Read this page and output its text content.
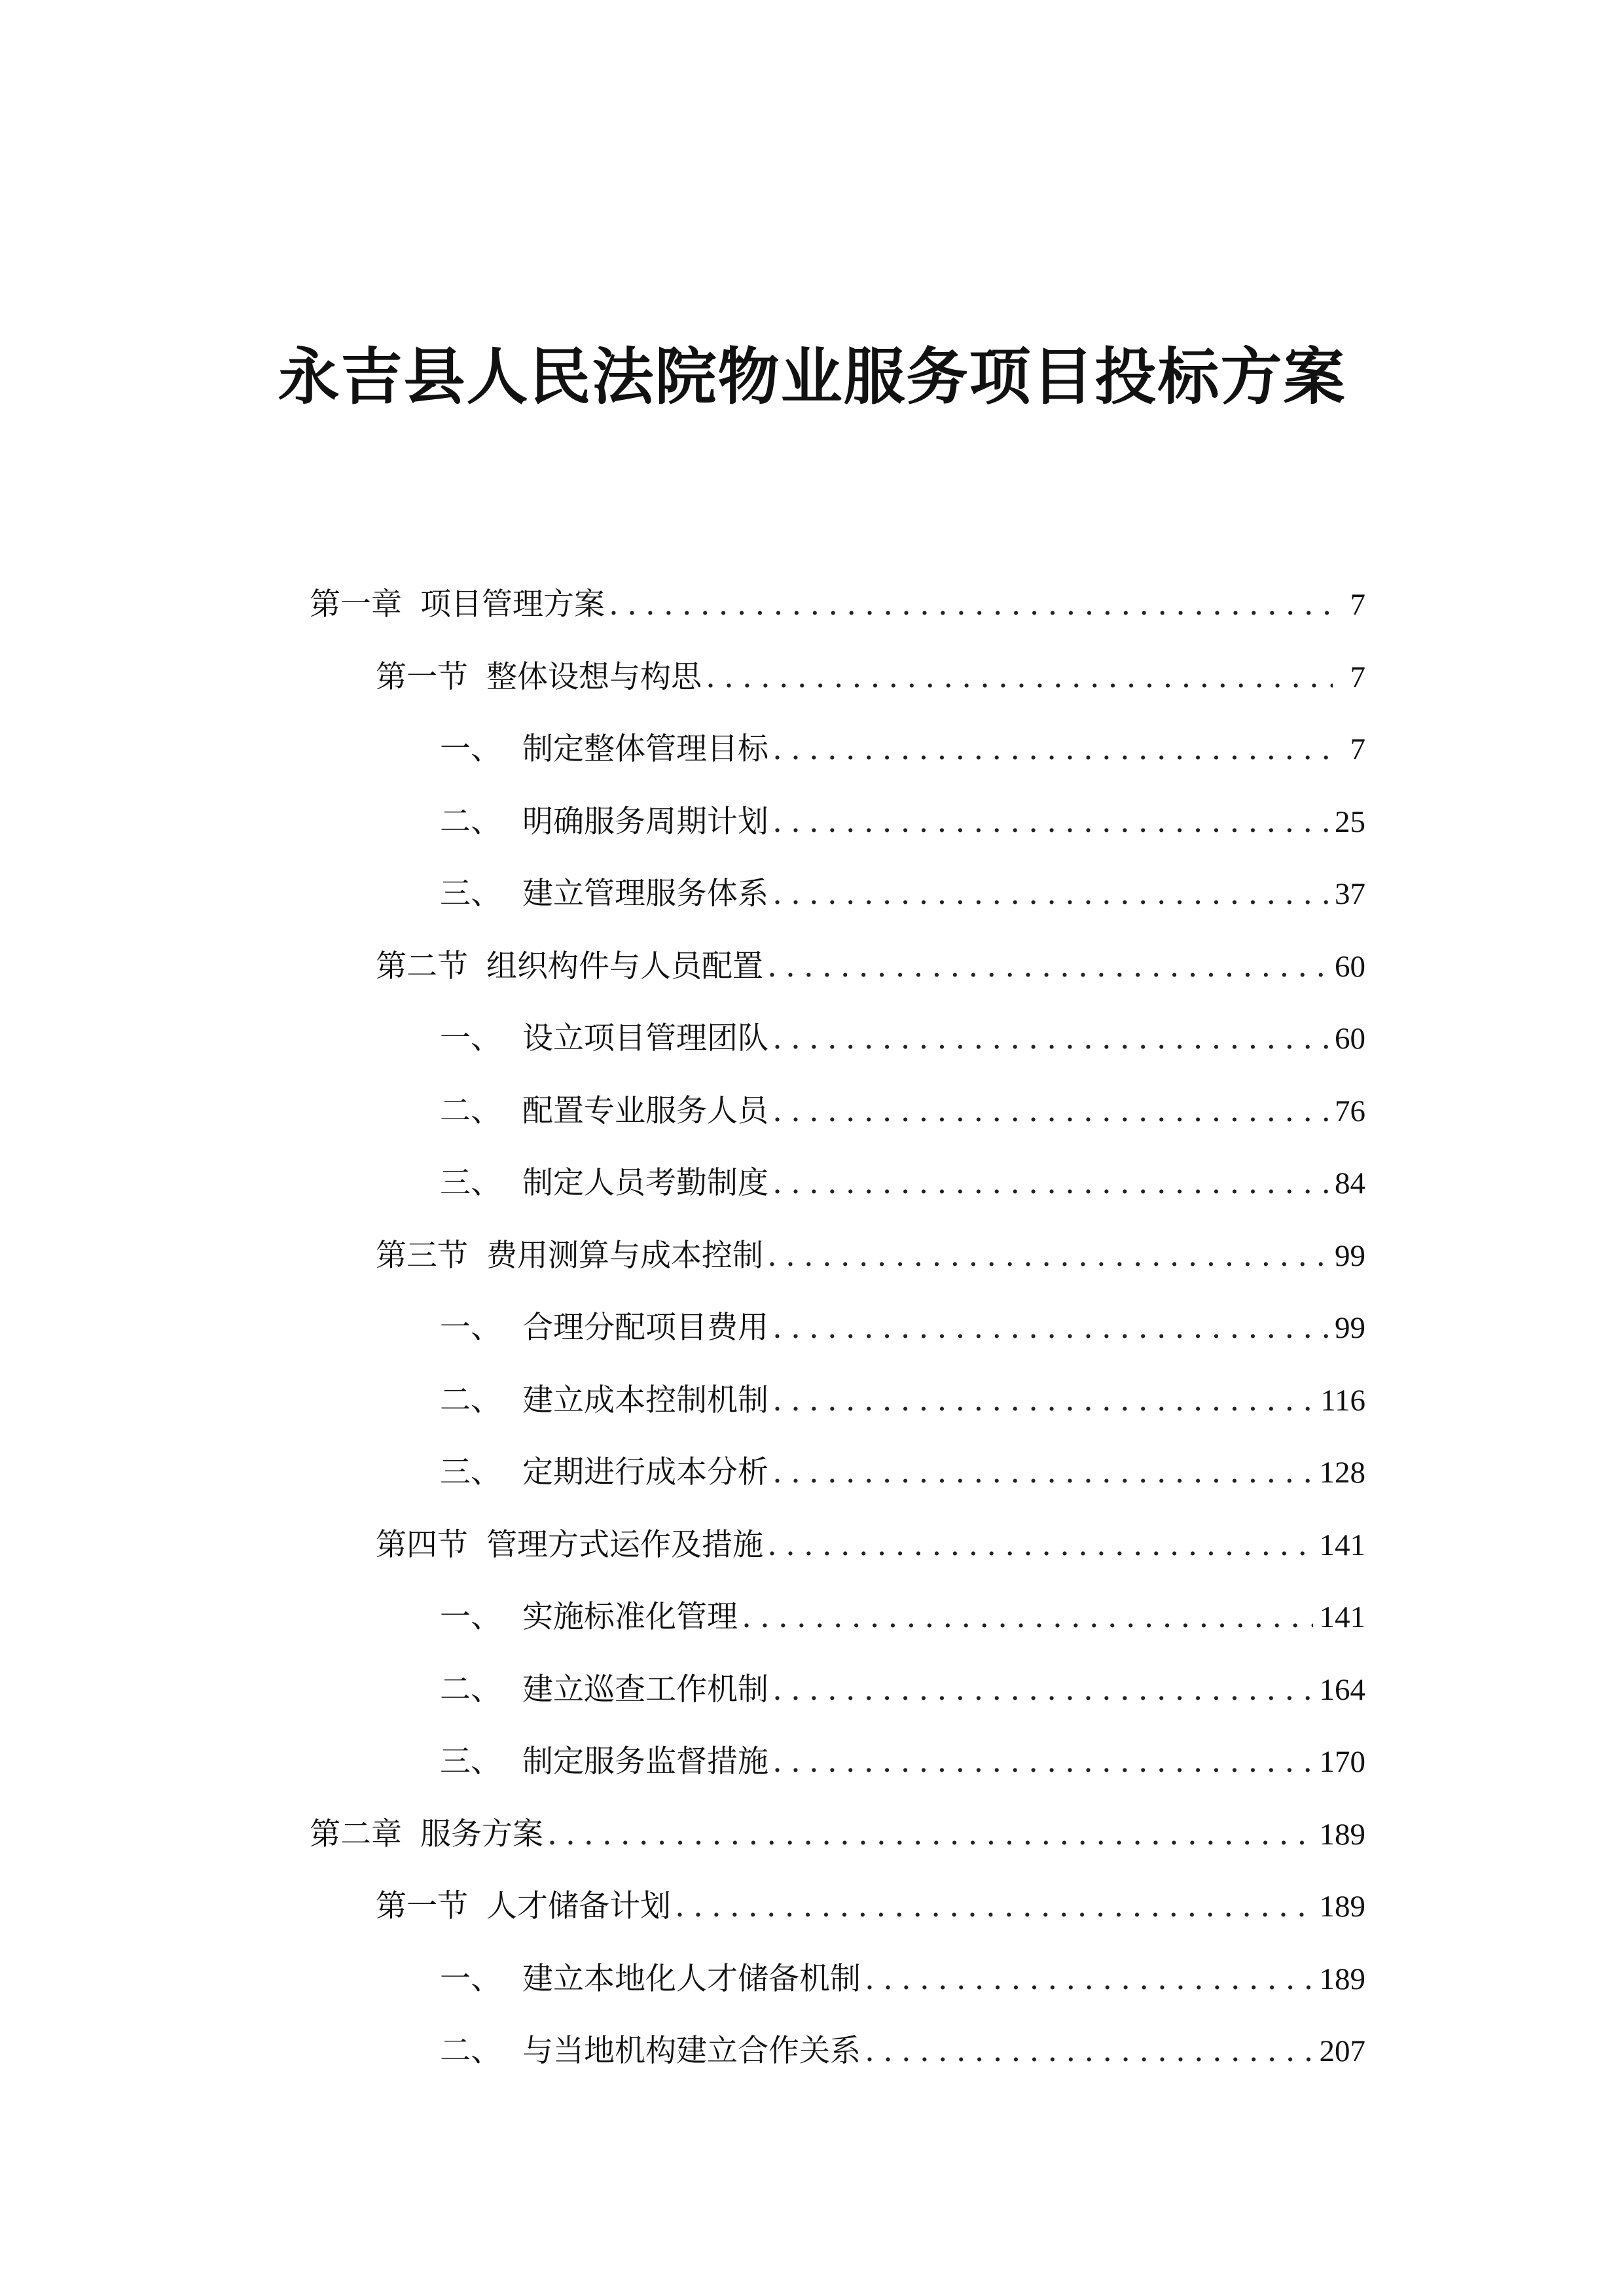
永吉县人民法院物业服务项目投标方案
第一章 项目管理方案 .....	7
第一节 整体设想与构思 .....	7
一、 制定整体管理目标 .....	7
二、 明确服务周期计划 .....	25
三、 建立管理服务体系 .....	37
第二节 组织构件与人员配置 .....	60
一、 设立项目管理团队 .....	60
二、 配置专业服务人员 .....	76
三、 制定人员考勤制度 .....	84
第三节 费用测算与成本控制 .....	99
一、 合理分配项目费用 .....	99
二、 建立成本控制机制 .....	116
三、 定期进行成本分析 .....	128
第四节 管理方式运作及措施 .....	141
一、 实施标准化管理 .....	141
二、 建立巡查工作机制 .....	164
三、 制定服务监督措施 .....	170
第二章 服务方案 .....	189
第一节 人才储备计划 .....	189
一、 建立本地化人才储备机制 .....	189
二、 与当地机构建立合作关系 .....	207
